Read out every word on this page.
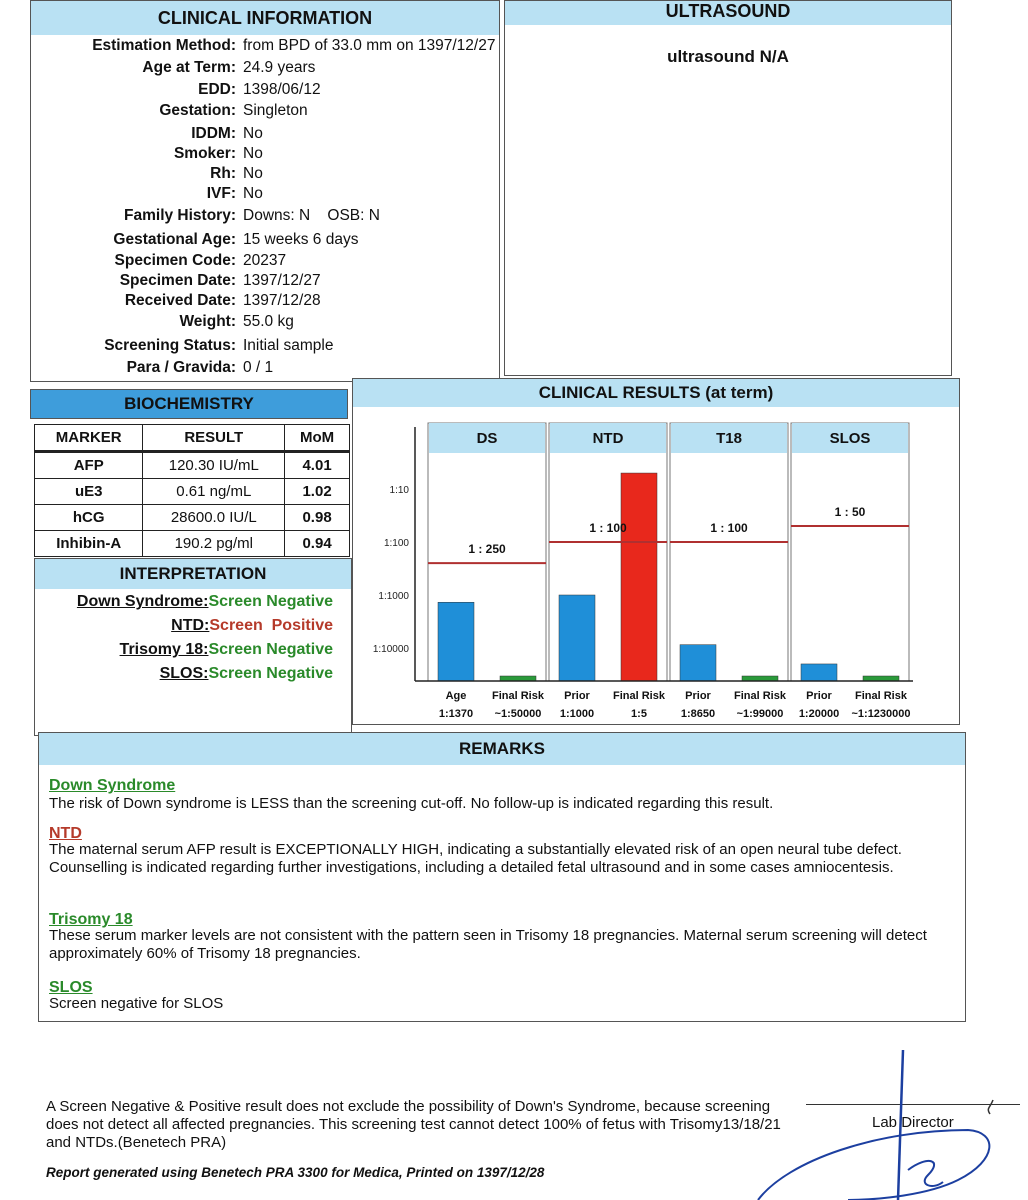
CLINICAL INFORMATION
Estimation Method: from BPD of 33.0 mm on 1397/12/27
Age at Term: 24.9 years
EDD: 1398/06/12
Gestation: Singleton
IDDM: No
Smoker: No
Rh: No
IVF: No
Family History: Downs: N    OSB: N
Gestational Age: 15 weeks 6 days
Specimen Code: 20237
Specimen Date: 1397/12/27
Received Date: 1397/12/28
Weight: 55.0 kg
Screening Status: Initial sample
Para / Gravida: 0 / 1
ULTRASOUND
ultrasound N/A
BIOCHEMISTRY
MARKER	RESULT	MoM
AFP	120.30 IU/mL	4.01
uE3	0.61 ng/mL	1.02
hCG	28600.0 IU/L	0.98
Inhibin-A	190.2 pg/ml	0.94
INTERPRETATION
Down Syndrome:Screen Negative
NTD:Screen  Positive
Trisomy 18:Screen Negative
SLOS:Screen Negative
CLINICAL RESULTS (at term)
1:10
1:100
1:1000
1:10000
DS
Age
1:1370
Final Risk
~1:50000
1 : 250
NTD
Prior
1:1000
Final Risk
1:5
1 : 100
T18
Prior
1:8650
Final Risk
~1:99000
1 : 100
SLOS
Prior
1:20000
Final Risk
~1:1230000
1 : 50
REMARKS
Down Syndrome
The risk of Down syndrome is LESS than the screening cut-off. No follow-up is indicated regarding this result.
NTD
The maternal serum AFP result is EXCEPTIONALLY HIGH, indicating a substantially elevated risk of an open neural tube defect. Counselling is indicated regarding further investigations, including a detailed fetal ultrasound and in some cases amniocentesis.
Trisomy 18
These serum marker levels are not consistent with the pattern seen in Trisomy 18 pregnancies. Maternal serum screening will detect approximately 60% of Trisomy 18 pregnancies.
SLOS
Screen negative for SLOS
A Screen Negative & Positive result does not exclude the possibility of Down's Syndrome, because screening does not detect all affected pregnancies. This screening test cannot detect 100% of fetus with Trisomy13/18/21 and NTDs.(Benetech PRA)
Report generated using Benetech PRA 3300 for Medica, Printed on 1397/12/28
Lab Director
